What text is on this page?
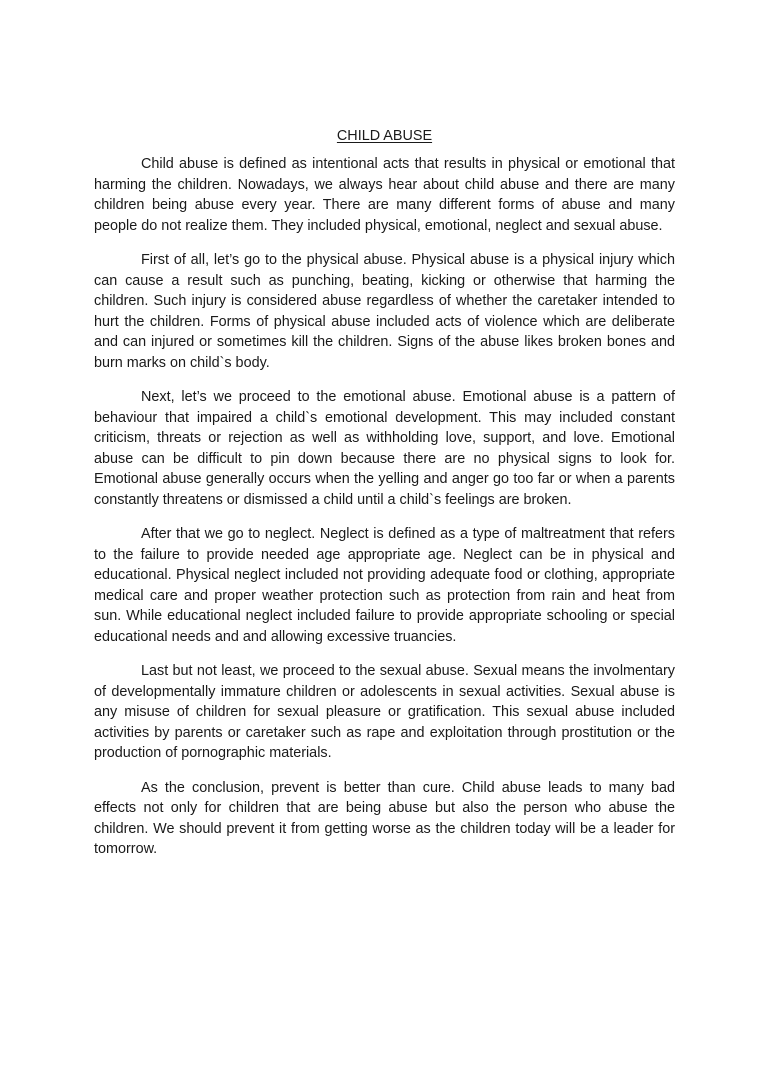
CHILD ABUSE

Child abuse is defined as intentional acts that results in physical or emotional that harming the children. Nowadays, we always hear about child abuse and there are many children being abuse every year. There are many different forms of abuse and many people do not realize them. They included physical, emotional, neglect and sexual abuse.

First of all, let’s go to the physical abuse. Physical abuse is a physical injury which can cause a result such as punching, beating, kicking or otherwise that harming the children. Such injury is considered abuse regardless of whether the caretaker intended to hurt the children. Forms of physical abuse included acts of violence which are deliberate and can injured or sometimes kill the children. Signs of the abuse likes broken bones and burn marks on child`s body.

Next, let’s we proceed to the emotional abuse. Emotional abuse is a pattern of behaviour that impaired a child`s emotional development. This may included constant criticism, threats or rejection as well as withholding love, support, and love. Emotional abuse can be difficult to pin down because there are no physical signs to look for. Emotional abuse generally occurs when the yelling and anger go too far or when a parents constantly threatens or dismissed a child until a child`s feelings are broken.

After that we go to neglect. Neglect is defined as a type of maltreatment that refers to the failure to provide needed age appropriate age. Neglect can be in physical and educational. Physical neglect included not providing adequate food or clothing, appropriate medical care and proper weather protection such as protection from rain and heat from sun. While educational neglect included failure to provide appropriate schooling or special educational needs and and allowing excessive truancies.

Last but not least, we proceed to the sexual abuse. Sexual means the involmentary of developmentally immature children or adolescents in sexual activities. Sexual abuse is any misuse of children for sexual pleasure or gratification. This sexual abuse included activities by parents or caretaker such as rape and exploitation through prostitution or the production of pornographic materials.

As the conclusion, prevent is better than cure. Child abuse leads to many bad effects not only for children that are being abuse but also the person who abuse the children. We should prevent it from getting worse as the children today will be a leader for tomorrow.
